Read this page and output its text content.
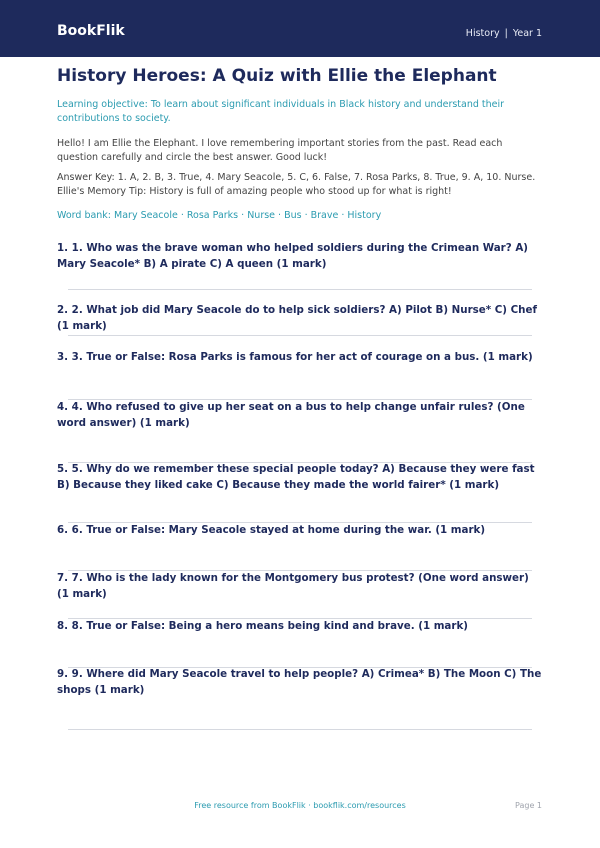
BookFlik	History | Year 1
History Heroes: A Quiz with Ellie the Elephant
Learning objective: To learn about significant individuals in Black history and understand their contributions to society.
Hello! I am Ellie the Elephant. I love remembering important stories from the past. Read each question carefully and circle the best answer. Good luck!
Answer Key: 1. A, 2. B, 3. True, 4. Mary Seacole, 5. C, 6. False, 7. Rosa Parks, 8. True, 9. A, 10. Nurse. Ellie's Memory Tip: History is full of amazing people who stood up for what is right!
Word bank: Mary Seacole · Rosa Parks · Nurse · Bus · Brave · History
1. 1. Who was the brave woman who helped soldiers during the Crimean War? A) Mary Seacole* B) A pirate C) A queen (1 mark)
2. 2. What job did Mary Seacole do to help sick soldiers? A) Pilot B) Nurse* C) Chef (1 mark)
3. 3. True or False: Rosa Parks is famous for her act of courage on a bus. (1 mark)
4. 4. Who refused to give up her seat on a bus to help change unfair rules? (One word answer) (1 mark)
5. 5. Why do we remember these special people today? A) Because they were fast B) Because they liked cake C) Because they made the world fairer* (1 mark)
6. 6. True or False: Mary Seacole stayed at home during the war. (1 mark)
7. 7. Who is the lady known for the Montgomery bus protest? (One word answer) (1 mark)
8. 8. True or False: Being a hero means being kind and brave. (1 mark)
9. 9. Where did Mary Seacole travel to help people? A) Crimea* B) The Moon C) The shops (1 mark)
Free resource from BookFlik · bookflik.com/resources	Page 1
